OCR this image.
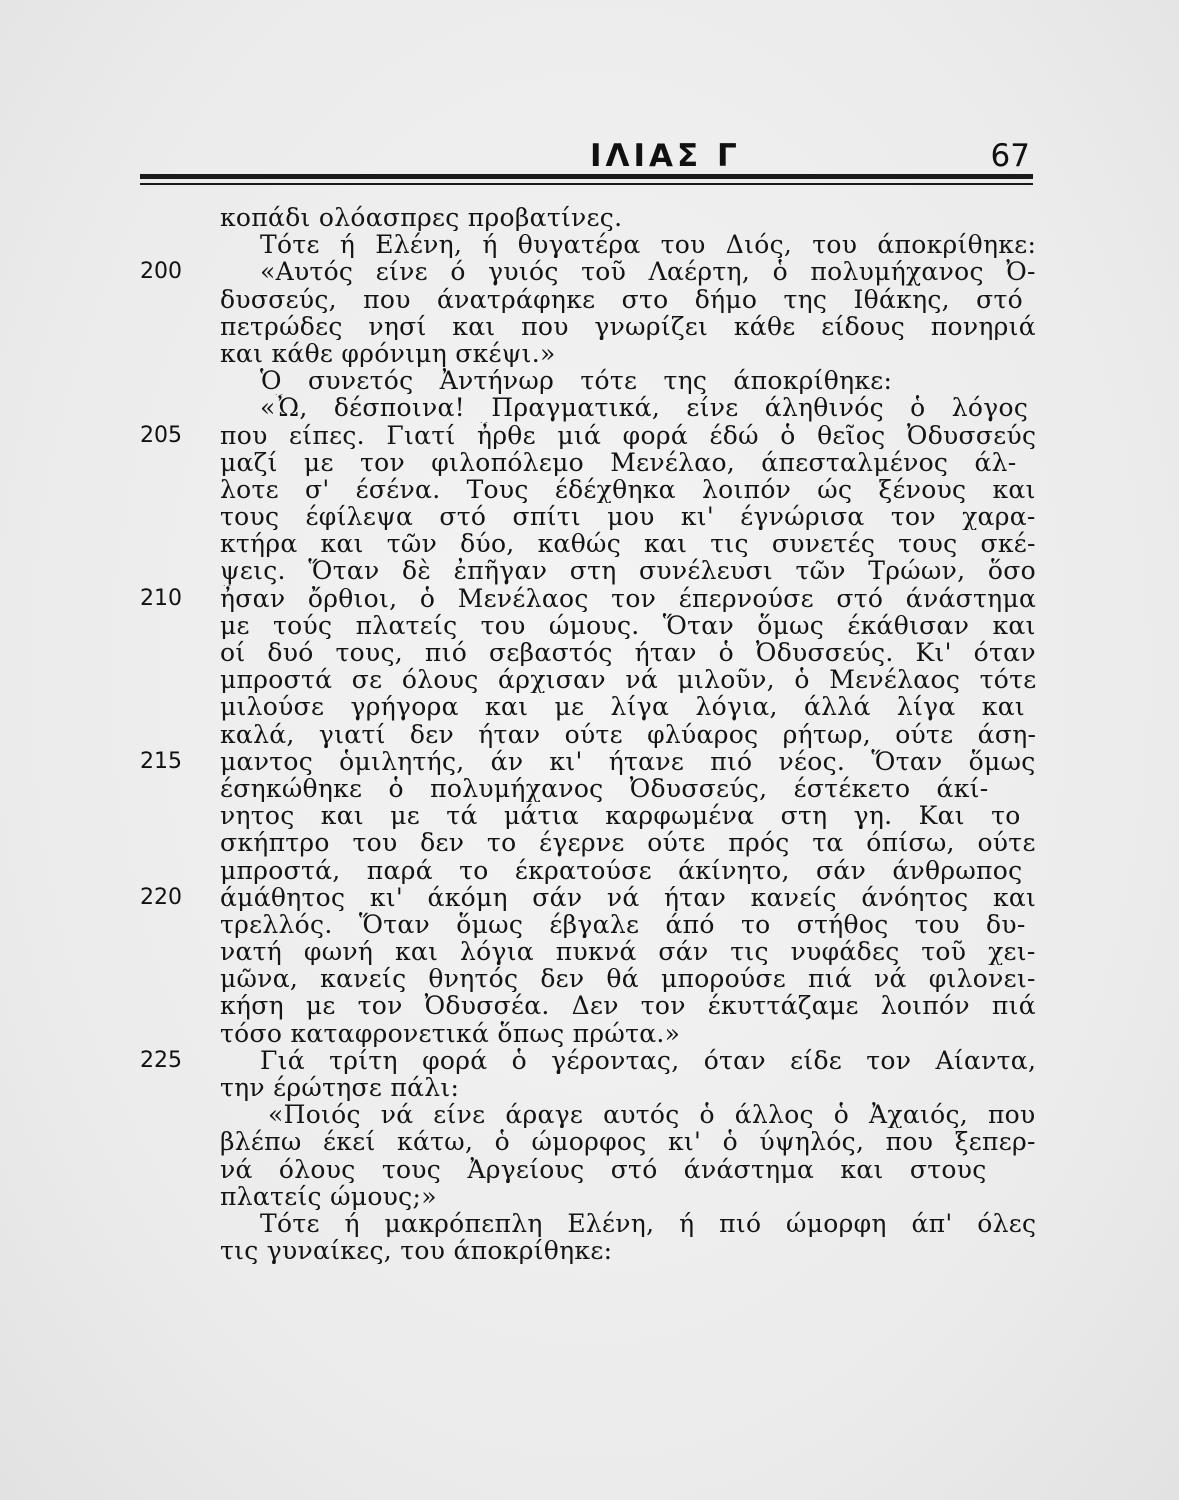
ΙΛΙΑΣ Γ	67
κοπάδι ολόασπρες προβατίνες.
Τότε ή Ελένη, ή θυγατέρα του Διός, του άποκρίθηκε:
200	«Αυτός είνε ό γυιός τοῦ Λαέρτη, ὁ πολυμήχανος Ὀ-
δυσσεύς, που άνατράφηκε στο δήμο της Ιθάκης, στό
πετρώδες νησί και που γνωρίζει κάθε είδους πονηριά
και κάθε φρόνιμη σκέψι.»
Ὁ συνετός Ἀντήνωρ τότε της άποκρίθηκε:
«Ὦ, δέσποινα! Πραγματικά, είνε άληθινός ὁ λόγος
205	που είπες. Γιατί ἦρθε μιά φορά έδώ ὁ θεῖος Ὀδυσσεύς
μαζί με τον φιλοπόλεμο Μενέλαο, άπεσταλμένος άλ-
λοτε σ' έσένα. Τους έδέχθηκα λοιπόν ώς ξένους και
τους έφίλεψα στό σπίτι μου κι' έγνώρισα τον χαρα-
κτήρα και τῶν δύο, καθώς και τις συνετές τους σκέ-
ψεις. Ὅταν δὲ ἐπῆγαν στη συνέλευσι τῶν Τρώων, ὅσο
210	ἦσαν ὄρθιοι, ὁ Μενέλαος τον έπερνούσε στό άνάστημα
με τούς πλατείς του ώμους. Ὅταν ὅμως έκάθισαν και
οί δυό τους, πιό σεβαστός ήταν ὁ Ὀδυσσεύς. Κι' όταν
μπροστά σε όλους άρχισαν νά μιλοῦν, ὁ Μενέλαος τότε
μιλούσε γρήγορα και με λίγα λόγια, άλλά λίγα και
καλά, γιατί δεν ήταν ούτε φλύαρος ρήτωρ, ούτε άση-
215	μαντος ὁμιλητής, άν κι' ήτανε πιό νέος. Ὅταν ὅμως
έσηκώθηκε ὁ πολυμήχανος Ὀδυσσεύς, έστέκετο άκί-
νητος και με τά μάτια καρφωμένα στη γη. Και το
σκήπτρο του δεν το έγερνε ούτε πρός τα όπίσω, ούτε
μπροστά, παρά το έκρατούσε άκίνητο, σάν άνθρωπος
220	άμάθητος κι' άκόμη σάν νά ήταν κανείς άνόητος και
τρελλός. Ὅταν ὅμως έβγαλε άπό το στήθος του δυ-
νατή φωνή και λόγια πυκνά σάν τις νυφάδες τοῦ χει-
μῶνα, κανείς θνητός δεν θά μπορούσε πιά νά φιλονει-
κήση με τον Ὀδυσσέα. Δεν τον έκυττάζαμε λοιπόν πιά
τόσο καταφρονετικά ὅπως πρώτα.»
225	Γιά τρίτη φορά ὁ γέροντας, όταν είδε τον Αίαντα,
την έρώτησε πάλι:
«Ποιός νά είνε άραγε αυτός ὁ άλλος ὁ Ἀχαιός, που
βλέπω έκεί κάτω, ὁ ώμορφος κι' ὁ ύψηλός, που ξεπερ-
νά όλους τους Ἀργείους στό άνάστημα και στους
πλατείς ώμους;»
Τότε ή μακρόπεπλη Ελένη, ή πιό ώμορφη άπ' όλες
τις γυναίκες, του άποκρίθηκε:
